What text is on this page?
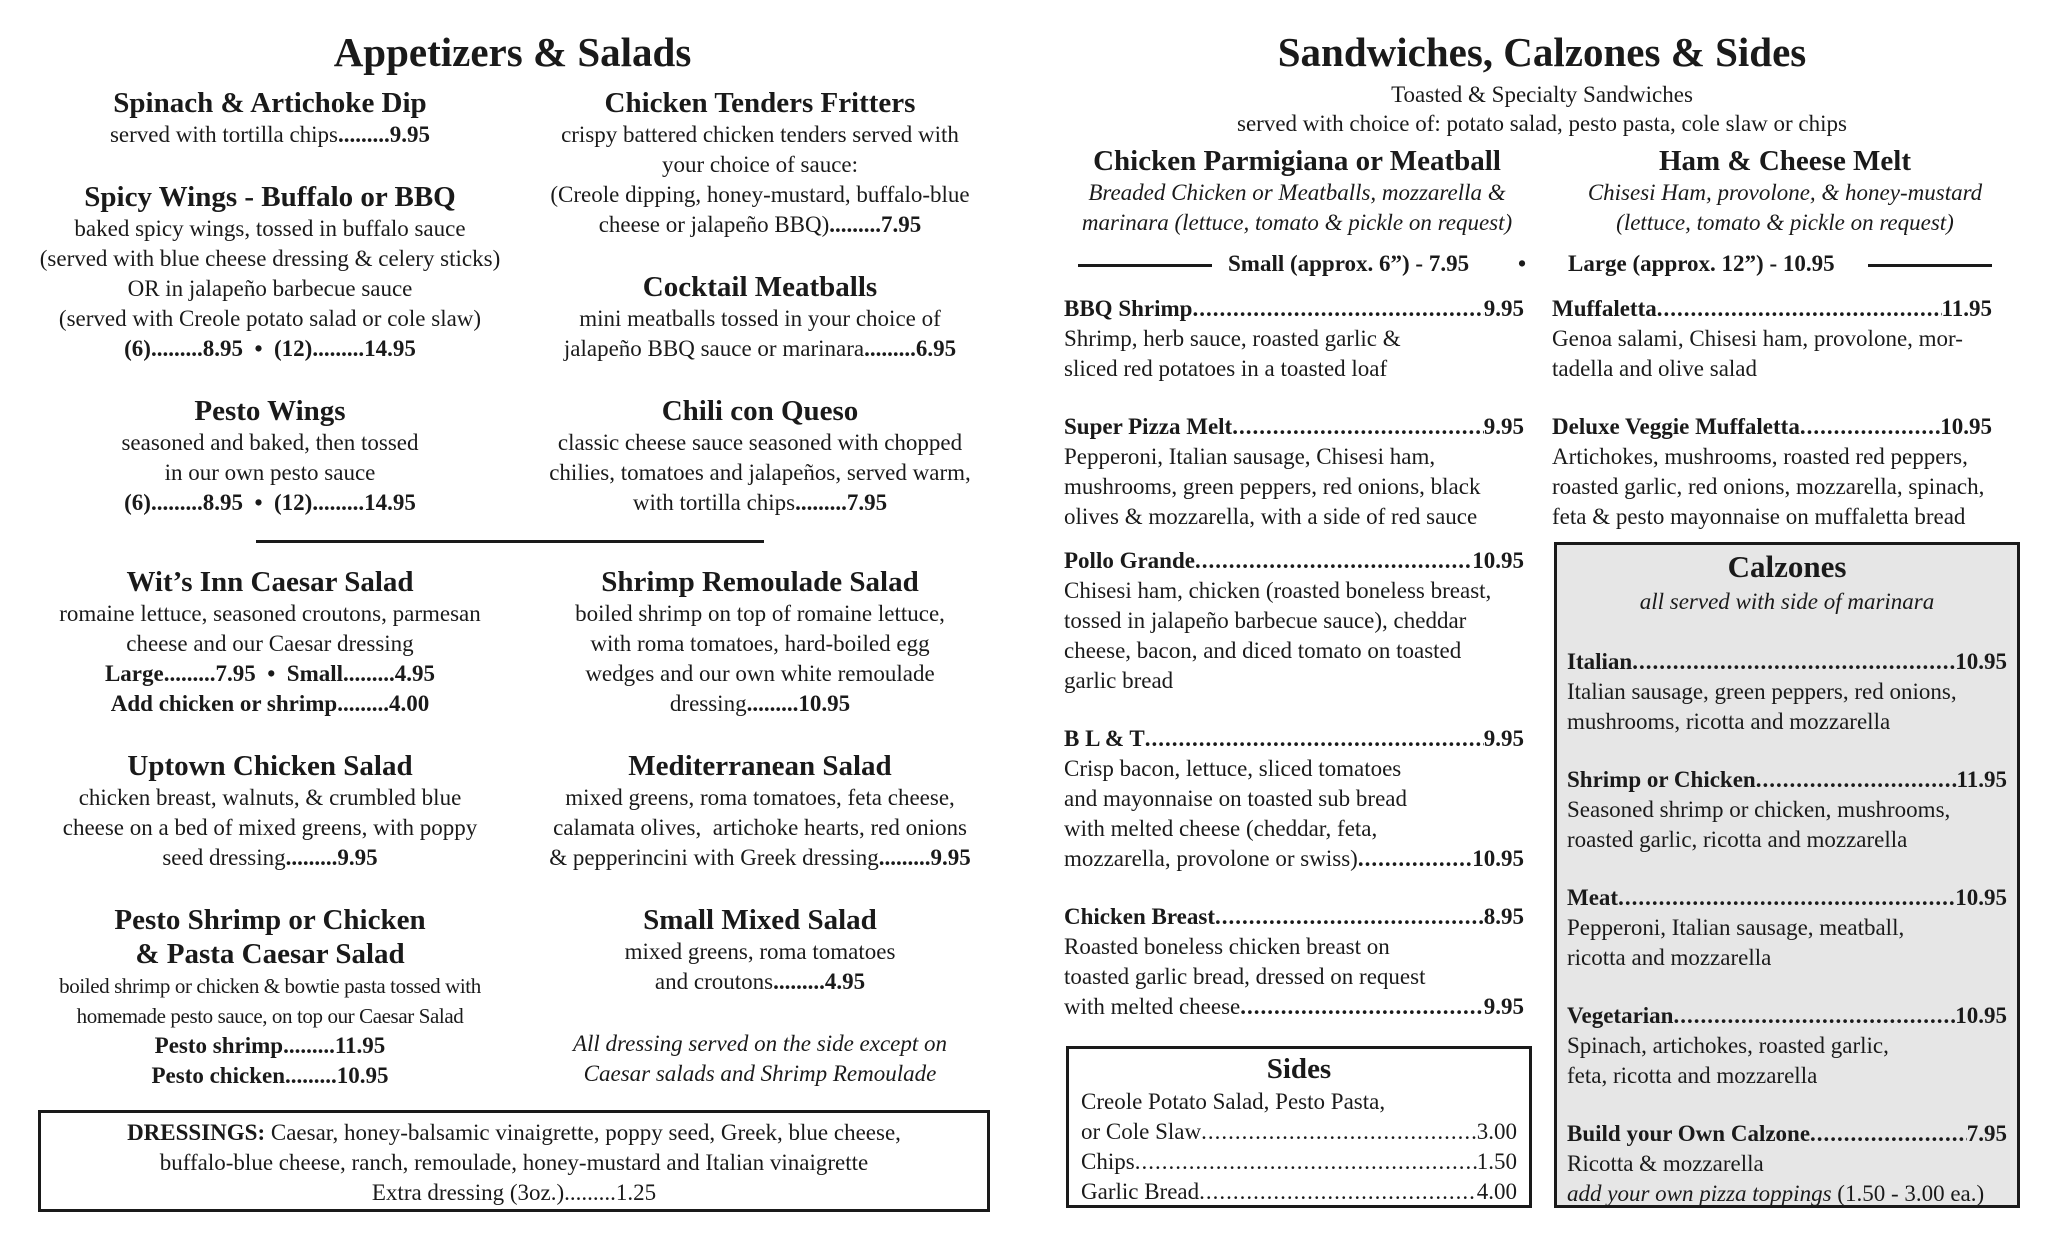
Appetizers & Salads
Spinach & Artichoke Dip
served with tortilla chips.........9.95
Spicy Wings - Buffalo or BBQ
baked spicy wings, tossed in buffalo sauce
(served with blue cheese dressing & celery sticks)
OR in jalapeño barbecue sauce
(served with Creole potato salad or cole slaw)
(6).........8.95  •  (12).........14.95
Pesto Wings
seasoned and baked, then tossed
in our own pesto sauce
(6).........8.95  •  (12).........14.95
Chicken Tenders Fritters
crispy battered chicken tenders served with
your choice of sauce:
(Creole dipping, honey-mustard, buffalo-blue
cheese or jalapeño BBQ).........7.95
Cocktail Meatballs
mini meatballs tossed in your choice of
jalapeño BBQ sauce or marinara.........6.95
Chili con Queso
classic cheese sauce seasoned with chopped
chilies, tomatoes and jalapeños, served warm,
with tortilla chips.........7.95
Wit’s Inn Caesar Salad
romaine lettuce, seasoned croutons, parmesan
cheese and our Caesar dressing
Large.........7.95  •  Small.........4.95
Add chicken or shrimp.........4.00
Uptown Chicken Salad
chicken breast, walnuts, & crumbled blue
cheese on a bed of mixed greens, with poppy
seed dressing.........9.95
Pesto Shrimp or Chicken
& Pasta Caesar Salad
boiled shrimp or chicken & bowtie pasta tossed with
homemade pesto sauce, on top our Caesar Salad
Pesto shrimp.........11.95
Pesto chicken.........10.95
Shrimp Remoulade Salad
boiled shrimp on top of romaine lettuce,
with roma tomatoes, hard-boiled egg
wedges and our own white remoulade
dressing.........10.95
Mediterranean Salad
mixed greens, roma tomatoes, feta cheese,
calamata olives,  artichoke hearts, red onions
& pepperincini with Greek dressing.........9.95
Small Mixed Salad
mixed greens, roma tomatoes
and croutons.........4.95
All dressing served on the side except on
Caesar salads and Shrimp Remoulade
DRESSINGS: Caesar, honey-balsamic vinaigrette, poppy seed, Greek, blue cheese,
buffalo-blue cheese, ranch, remoulade, honey-mustard and Italian vinaigrette
Extra dressing (3oz.).........1.25
Sandwiches, Calzones & Sides
Toasted & Specialty Sandwiches
served with choice of: potato salad, pesto pasta, cole slaw or chips
Chicken Parmigiana or Meatball
Breaded Chicken or Meatballs, mozzarella &
marinara (lettuce, tomato & pickle on request)
Ham & Cheese Melt
Chisesi Ham, provolone, & honey-mustard
(lettuce, tomato & pickle on request)
Small (approx. 6”) - 7.95 • Large (approx. 12”) - 10.95
BBQ Shrimp .....	9.95
Shrimp, herb sauce, roasted garlic &
sliced red potatoes in a toasted loaf
Super Pizza Melt .....	9.95
Pepperoni, Italian sausage, Chisesi ham,
mushrooms, green peppers, red onions, black
olives & mozzarella, with a side of red sauce
Pollo Grande .....	10.95
Chisesi ham, chicken (roasted boneless breast,
tossed in jalapeño barbecue sauce), cheddar
cheese, bacon, and diced tomato on toasted
garlic bread
B L & T .....	9.95
Crisp bacon, lettuce, sliced tomatoes
and mayonnaise on toasted sub bread
with melted cheese (cheddar, feta,
mozzarella, provolone or swiss) .....	10.95
Chicken Breast .....	8.95
Roasted boneless chicken breast on
toasted garlic bread, dressed on request
with melted cheese .....	9.95
Muffaletta .....	11.95
Genoa salami, Chisesi ham, provolone, mor-
tadella and olive salad
Deluxe Veggie Muffaletta .....	10.95
Artichokes, mushrooms, roasted red peppers,
roasted garlic, red onions, mozzarella, spinach,
feta & pesto mayonnaise on muffaletta bread
Calzones
all served with side of marinara
Italian .....	10.95
Italian sausage, green peppers, red onions,
mushrooms, ricotta and mozzarella
Shrimp or Chicken .....	11.95
Seasoned shrimp or chicken, mushrooms,
roasted garlic, ricotta and mozzarella
Meat .....	10.95
Pepperoni, Italian sausage, meatball,
ricotta and mozzarella
Vegetarian .....	10.95
Spinach, artichokes, roasted garlic,
feta, ricotta and mozzarella
Build your Own Calzone .....	7.95
Ricotta & mozzarella
add your own pizza toppings (1.50 - 3.00 ea.)
Sides
Creole Potato Salad, Pesto Pasta,
or Cole Slaw .....	3.00
Chips .....	1.50
Garlic Bread .....	4.00
